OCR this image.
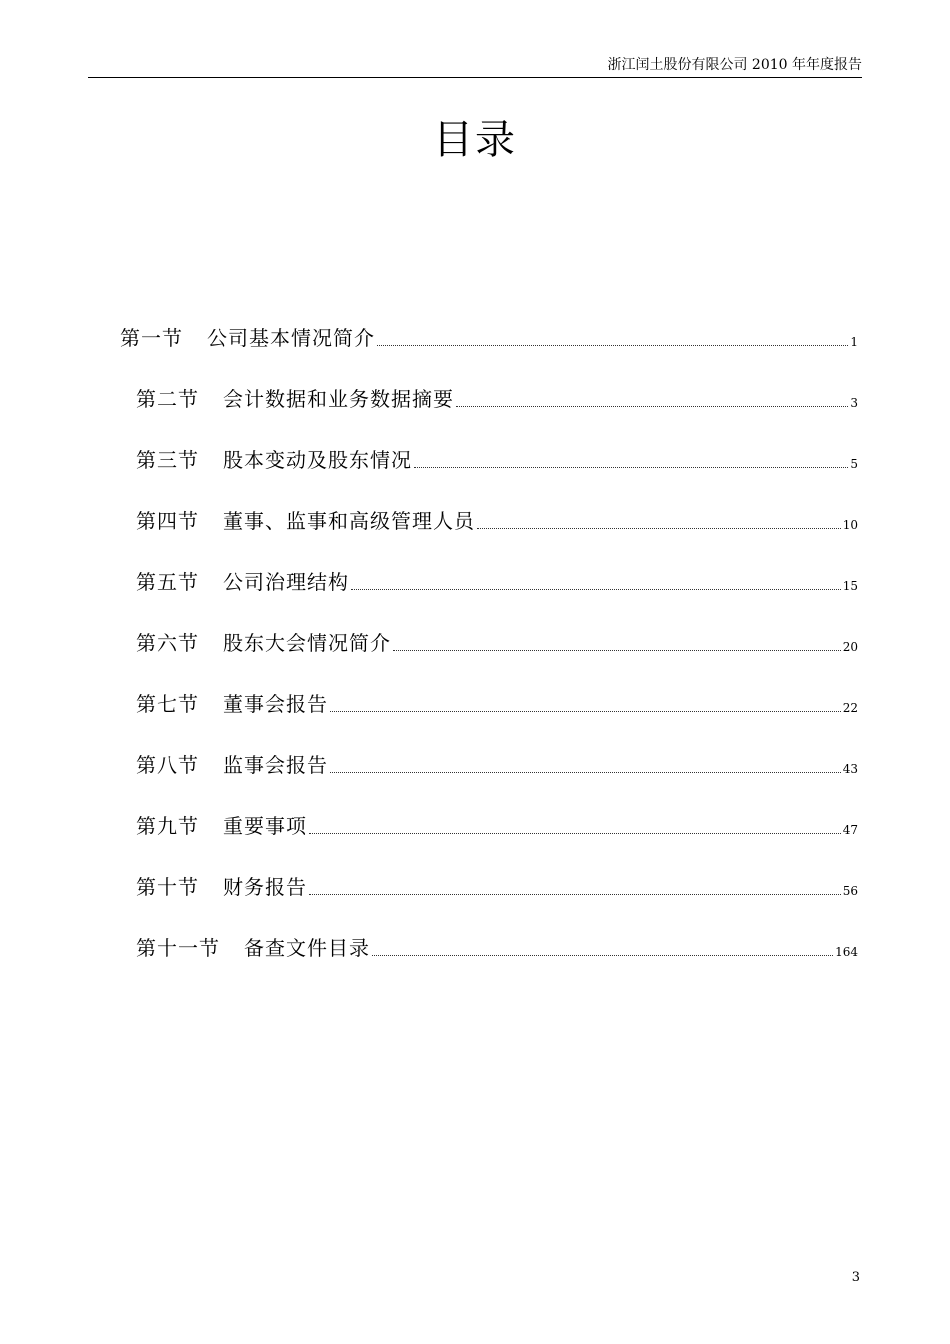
浙江闰土股份有限公司 2010 年年度报告
目录
第一节 公司基本情况简介	1
第二节 会计数据和业务数据摘要	3
第三节 股本变动及股东情况	5
第四节 董事、监事和高级管理人员	10
第五节 公司治理结构	15
第六节 股东大会情况简介	20
第七节 董事会报告	22
第八节 监事会报告	43
第九节 重要事项	47
第十节 财务报告	56
第十一节 备查文件目录	164
3
